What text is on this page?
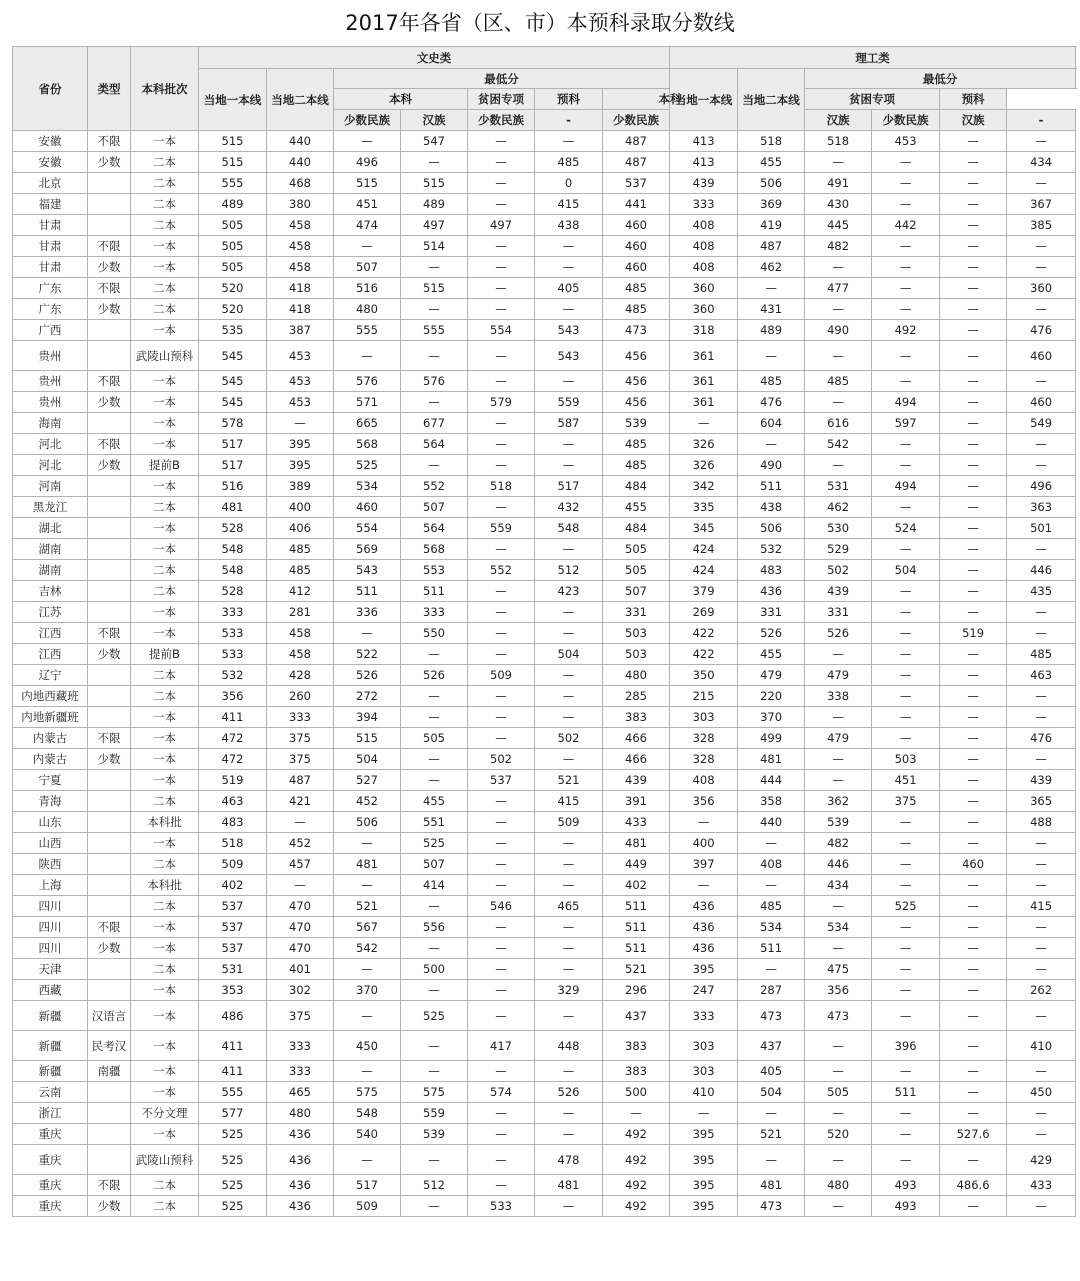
2017年各省（区、市）本预科录取分数线
省份	类型	本科批次	文史类							理工类					
			当地一本线	当地二本线	最低分					当地一本线	当地二本线	最低分			
					本科		贫困专项	预科	本科			贫困专项		预科	
					少数民族	汉族	少数民族	-	少数民族			汉族	少数民族	汉族	-
安徽	不限	一本	515	440	—	547	—	—	487	413	518	518	453	—	—
安徽	少数	二本	515	440	496	—	—	485	487	413	455	—	—	—	434
北京		二本	555	468	515	515	—	0	537	439	506	491	—	—	—
福建		二本	489	380	451	489	—	415	441	333	369	430	—	—	367
甘肃		二本	505	458	474	497	497	438	460	408	419	445	442	—	385
甘肃	不限	一本	505	458	—	514	—	—	460	408	487	482	—	—	—
甘肃	少数	一本	505	458	507	—	—	—	460	408	462	—	—	—	—
广东	不限	二本	520	418	516	515	—	405	485	360	—	477	—	—	360
广东	少数	二本	520	418	480	—	—	—	485	360	431	—	—	—	—
广西		一本	535	387	555	555	554	543	473	318	489	490	492	—	476
贵州		武陵山预科	545	453	—	—	—	543	456	361	—	—	—	—	460
贵州	不限	一本	545	453	576	576	—	—	456	361	485	485	—	—	—
贵州	少数	一本	545	453	571	—	579	559	456	361	476	—	494	—	460
海南		一本	578	—	665	677	—	587	539	—	604	616	597	—	549
河北	不限	一本	517	395	568	564	—	—	485	326	—	542	—	—	—
河北	少数	提前B	517	395	525	—	—	—	485	326	490	—	—	—	—
河南		一本	516	389	534	552	518	517	484	342	511	531	494	—	496
黑龙江		二本	481	400	460	507	—	432	455	335	438	462	—	—	363
湖北		一本	528	406	554	564	559	548	484	345	506	530	524	—	501
湖南		一本	548	485	569	568	—	—	505	424	532	529	—	—	—
湖南		二本	548	485	543	553	552	512	505	424	483	502	504	—	446
吉林		二本	528	412	511	511	—	423	507	379	436	439	—	—	435
江苏		一本	333	281	336	333	—	—	331	269	331	331	—	—	—
江西	不限	一本	533	458	—	550	—	—	503	422	526	526	—	519	—
江西	少数	提前B	533	458	522	—	—	504	503	422	455	—	—	—	485
辽宁		二本	532	428	526	526	509	—	480	350	479	479	—	—	463
内地西藏班		二本	356	260	272	—	—	—	285	215	220	338	—	—	—
内地新疆班		一本	411	333	394	—	—	—	383	303	370	—	—	—	—
内蒙古	不限	一本	472	375	515	505	—	502	466	328	499	479	—	—	476
内蒙古	少数	一本	472	375	504	—	502	—	466	328	481	—	503	—	—
宁夏		一本	519	487	527	—	537	521	439	408	444	—	451	—	439
青海		二本	463	421	452	455	—	415	391	356	358	362	375	—	365
山东		本科批	483	—	506	551	—	509	433	—	440	539	—	—	488
山西		一本	518	452	—	525	—	—	481	400	—	482	—	—	—
陕西		二本	509	457	481	507	—	—	449	397	408	446	—	460	—
上海		本科批	402	—	—	414	—	—	402	—	—	434	—	—	—
四川		二本	537	470	521	—	546	465	511	436	485	—	525	—	415
四川	不限	一本	537	470	567	556	—	—	511	436	534	534	—	—	—
四川	少数	一本	537	470	542	—	—	—	511	436	511	—	—	—	—
天津		二本	531	401	—	500	—	—	521	395	—	475	—	—	—
西藏		一本	353	302	370	—	—	329	296	247	287	356	—	—	262
新疆	汉语言	一本	486	375	—	525	—	—	437	333	473	473	—	—	—
新疆	民考汉	一本	411	333	450	—	417	448	383	303	437	—	396	—	410
新疆	南疆	一本	411	333	—	—	—	—	383	303	405	—	—	—	—
云南		一本	555	465	575	575	574	526	500	410	504	505	511	—	450
浙江		不分文理	577	480	548	559	—	—	—	—	—	—	—	—	—
重庆		一本	525	436	540	539	—	—	492	395	521	520	—	527.6	—
重庆		武陵山预科	525	436	—	—	—	478	492	395	—	—	—	—	429
重庆	不限	二本	525	436	517	512	—	481	492	395	481	480	493	486.6	433
重庆	少数	二本	525	436	509	—	533	—	492	395	473	—	493	—	—
